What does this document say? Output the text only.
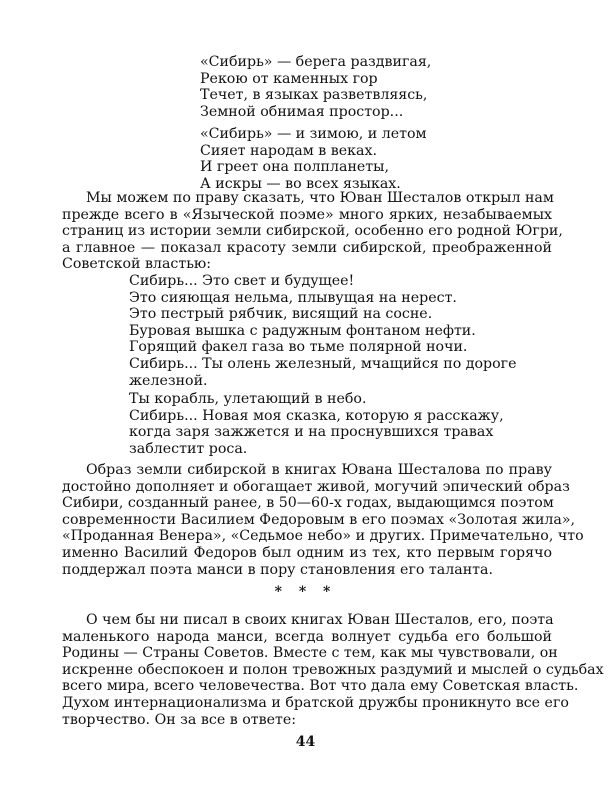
«Сибирь» — берега раздвигая,
Рекою от каменных гор
Течет, в языках разветвляясь,
Земной обнимая простор...
«Сибирь» — и зимою, и летом
Сияет народам в веках.
И греет она полпланеты,
А искры — во всех языках.
Мы можем по праву сказать, что Юван Шесталов открыл нам
прежде всего в «Языческой поэме» много ярких, незабываемых
страниц из истории земли сибирской, особенно его родной Югри,
а главное — показал красоту земли сибирской, преображенной
Советской властью:
Сибирь... Это свет и будущее!
Это сияющая нельма, плывущая на нерест.
Это пестрый рябчик, висящий на сосне.
Буровая вышка с радужным фонтаном нефти.
Горящий факел газа во тьме полярной ночи.
Сибирь... Ты олень железный, мчащийся по дороге
железной.
Ты корабль, улетающий в небо.
Сибирь... Новая моя сказка, которую я расскажу,
когда заря зажжется и на проснувшихся травах
заблестит роса.
Образ земли сибирской в книгах Ювана Шесталова по праву
достойно дополняет и обогащает живой, могучий эпический образ
Сибири, созданный ранее, в 50—60-х годах, выдающимся поэтом
современности Василием Федоровым в его поэмах «Золотая жила»,
«Проданная Венера», «Седьмое небо» и других. Примечательно, что
именно Василий Федоров был одним из тех, кто первым горячо
поддержал поэта манси в пору становления его таланта.
* * *
О чем бы ни писал в своих книгах Юван Шесталов, его, поэта
маленького народа манси, всегда волнует судьба его большой
Родины — Страны Советов. Вместе с тем, как мы чувствовали, он
искренне обеспокоен и полон тревожных раздумий и мыслей о судьбах
всего мира, всего человечества. Вот что дала ему Советская власть.
Духом интернационализма и братской дружбы проникнуто все его
творчество. Он за все в ответе:
44
